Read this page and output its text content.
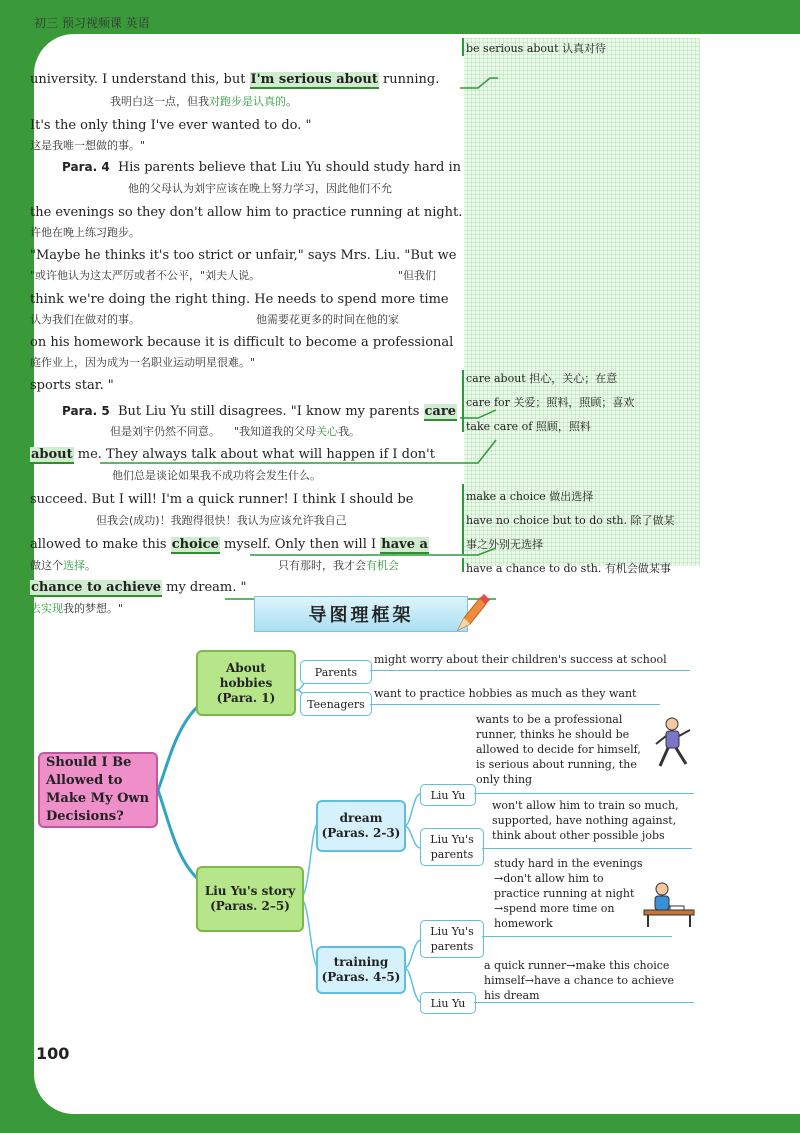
初三 预习视频课 英语
university. I understand this, but I'm serious about running.
我明白这一点，但我对跑步是认真的。
It's the only thing I've ever wanted to do. "
这是我唯一想做的事。"
Para. 4 His parents believe that Liu Yu should study hard in
他的父母认为刘宇应该在晚上努力学习，因此他们不允
the evenings so they don't allow him to practice running at night.
许他在晚上练习跑步。
"Maybe he thinks it's too strict or unfair," says Mrs. Liu. "But we
"或许他认为这太严厉或者不公平，"刘夫人说。	"但我们
think we're doing the right thing. He needs to spend more time
认为我们在做对的事。	他需要花更多的时间在他的家
on his homework because it is difficult to become a professional
庭作业上，因为成为一名职业运动明星很难。"
sports star. "
Para. 5 But Liu Yu still disagrees. "I know my parents care
但是刘宇仍然不同意。 "我知道我的父母关心我。
about me. They always talk about what will happen if I don't
他们总是谈论如果我不成功将会发生什么。
succeed. But I will! I'm a quick runner! I think I should be
但我会(成功)！我跑得很快！我认为应该允许我自己
allowed to make this choice myself. Only then will I have a
做这个选择。	只有那时，我才会有机会
chance to achieve my dream. "
去实现我的梦想。"
be serious about 认真对待
care about 担心，关心；在意
care for 关爱；照料，照顾；喜欢
take care of 照顾，照料
make a choice 做出选择
have no choice but to do sth. 除了做某
事之外别无选择
have a chance to do sth. 有机会做某事
导图理框架
Should I Be Allowed to Make My Own Decisions?
About hobbies (Para. 1)
Liu Yu's story (Paras. 2–5)
dream (Paras. 2-3)
training (Paras. 4-5)
Parents
might worry about their children's success at school
Teenagers
want to practice hobbies as much as they want
Liu Yu
wants to be a professional
runner, thinks he should be
allowed to decide for himself,
is serious about running, the
only thing
Liu Yu's parents
won't allow him to train so much,
supported, have nothing against,
think about other possible jobs
study hard in the evenings
→don't allow him to
practice running at night
→spend more time on
homework
Liu Yu's parents
a quick runner→make this choice
himself→have a chance to achieve
his dream
Liu Yu
100
